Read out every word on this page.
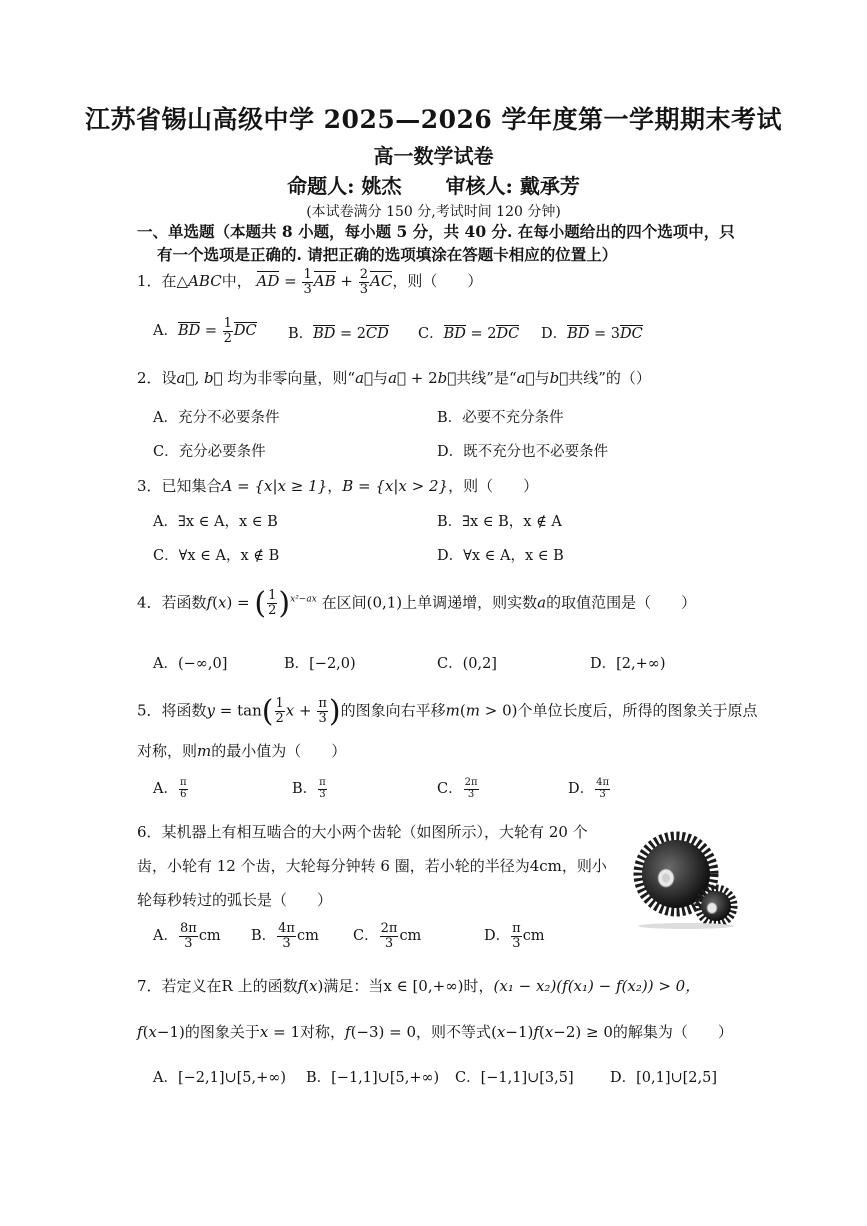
江苏省锡山高级中学 2025—2026 学年度第一学期期末考试
高一数学试卷
命题人: 姚杰 审核人: 戴承芳
(本试卷满分 150 分,考试时间 120 分钟)
一、单选题（本题共 8 小题，每小题 5 分，共 40 分. 在每小题给出的四个选项中，只
有一个选项是正确的. 请把正确的选项填涂在答题卡相应的位置上）
1．在△ABC中， AD = $\frac{1}{3}$ AB + $\frac{2}{3}$ AC，则（　　）
A．BD = $\frac{1}{2}$ DC B．BD = 2CD C．BD = 2DC D．BD = 3DC
2．设a⃗, b⃗ 均为非零向量，则“a⃗与a⃗ + 2b⃗共线”是“a⃗与b⃗共线”的（）
A．充分不必要条件	B．必要不充分条件
C．充分必要条件	D．既不充分也不必要条件
3．已知集合A = {x|x ≥ 1}，B = {x|x > 2}，则（　　）
A．∃x ∈ A，x ∈ B	B．∃x ∈ B，x ∉ A
C．∀x ∈ A，x ∉ B	D．∀x ∈ A，x ∈ B
4．若函数f(x) = ( $\frac{1}{2} )^{x^2-ax}$ 在区间(0,1)上单调递增，则实数a的取值范围是（　　）
A．(−∞,0]	B．[−2,0)	C．(0,2]	D．[2,+∞)
5．将函数$y = \tan( \frac{1}{2}$ $x + \frac{\pi}{3}$ )的图象向右平移m(m > 0)个单位长度后，所得的图象关于原点
对称，则m的最小值为（　　）
A． $\frac{\pi}{6}$	B． $\frac{\pi}{3}$	C． $\frac{2\pi}{3}$	D． $\frac{4\pi}{3}$
6．某机器上有相互啮合的大小两个齿轮（如图所示），大轮有 20 个
齿，小轮有 12 个齿，大轮每分钟转 6 圈，若小轮的半径为4cm，则小
轮每秒转过的弧长是（　　）
A． $\frac{8\pi}{3}$ cm B． $\frac{4\pi}{3}$ cm C． $\frac{2\pi}{3}$ cm	D． $\frac{\pi}{3}$ cm
7．若定义在R 上的函数f(x)满足：当x ∈ [0,+∞)时，(x₁ − x₂)(f(x₁) − f(x₂)) > 0，
f(x−1)的图象关于x = 1对称，f(−3) = 0，则不等式(x−1)f(x−2) ≥ 0的解集为（　　）
A．[−2,1]∪[5,+∞) B．[−1,1]∪[5,+∞) C．[−1,1]∪[3,5]	D．[0,1]∪[2,5]
